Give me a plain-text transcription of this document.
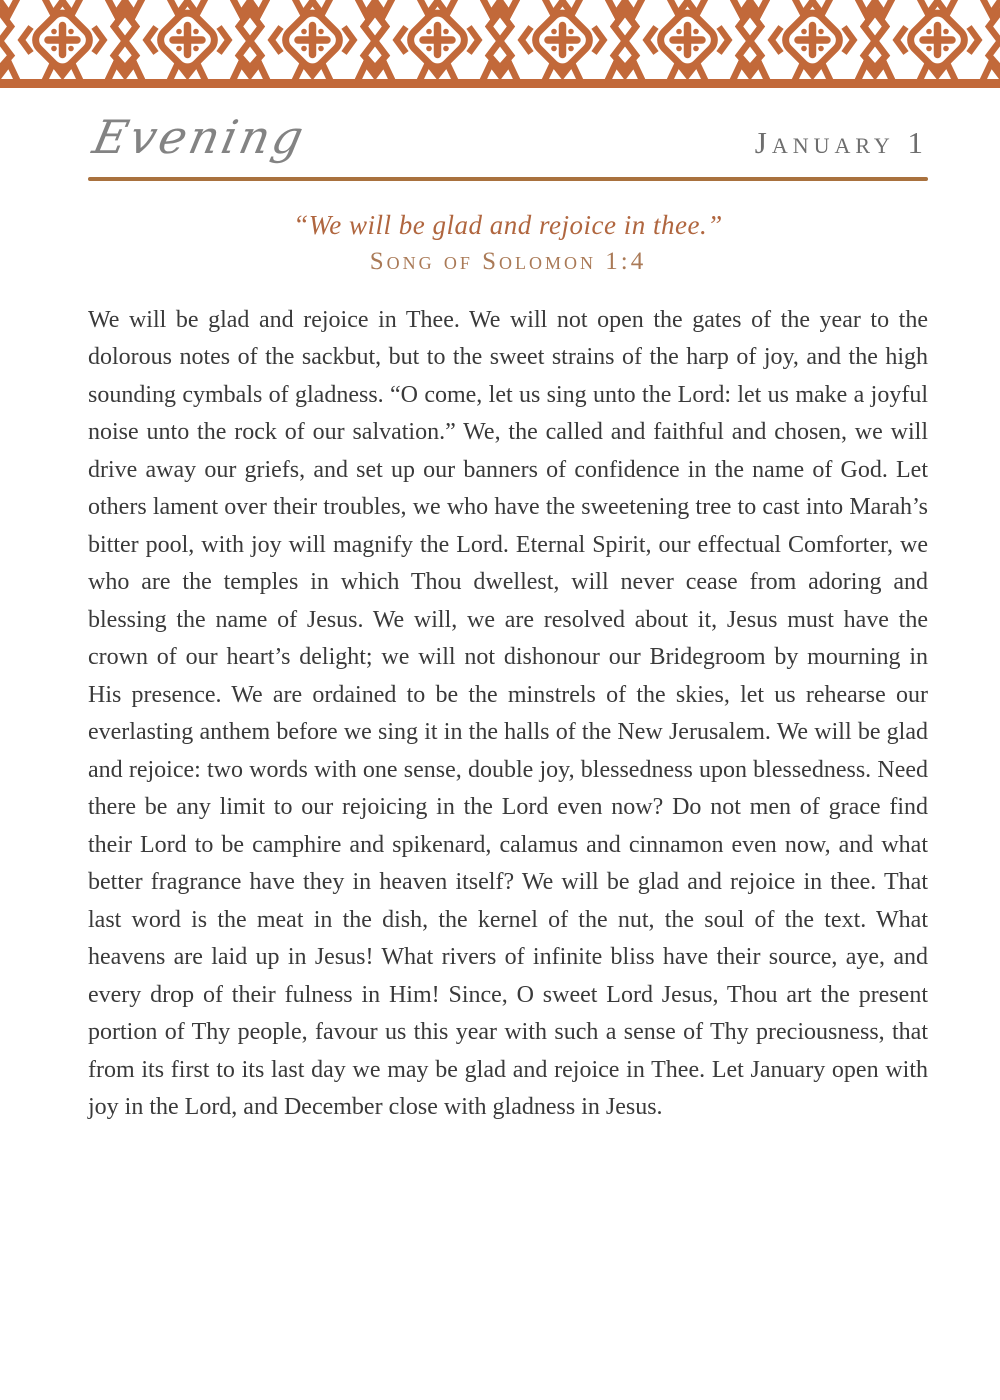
Evening	January 1
“We will be glad and rejoice in thee.”
Song of Solomon 1:4

We will be glad and rejoice in Thee. We will not open the gates of the year to the dolorous notes of the sackbut, but to the sweet strains of the harp of joy, and the high sounding cymbals of gladness. “O come, let us sing unto the Lord: let us make a joyful noise unto the rock of our salvation.” We, the called and faithful and chosen, we will drive away our griefs, and set up our banners of confidence in the name of God. Let others lament over their troubles, we who have the sweetening tree to cast into Marah’s bitter pool, with joy will magnify the Lord. Eternal Spirit, our effectual Comforter, we who are the temples in which Thou dwellest, will never cease from adoring and blessing the name of Jesus. We will, we are resolved about it, Jesus must have the crown of our heart’s delight; we will not dishonour our Bridegroom by mourning in His presence. We are ordained to be the minstrels of the skies, let us rehearse our everlasting anthem before we sing it in the halls of the New Jerusalem. We will be glad and rejoice: two words with one sense, double joy, blessedness upon blessedness. Need there be any limit to our rejoicing in the Lord even now? Do not men of grace find their Lord to be camphire and spikenard, calamus and cinnamon even now, and what better fragrance have they in heaven itself? We will be glad and rejoice in thee. That last word is the meat in the dish, the kernel of the nut, the soul of the text. What heavens are laid up in Jesus! What rivers of infinite bliss have their source, aye, and every drop of their fulness in Him! Since, O sweet Lord Jesus, Thou art the present portion of Thy people, favour us this year with such a sense of Thy preciousness, that from its first to its last day we may be glad and rejoice in Thee. Let January open with joy in the Lord, and December close with gladness in Jesus.
